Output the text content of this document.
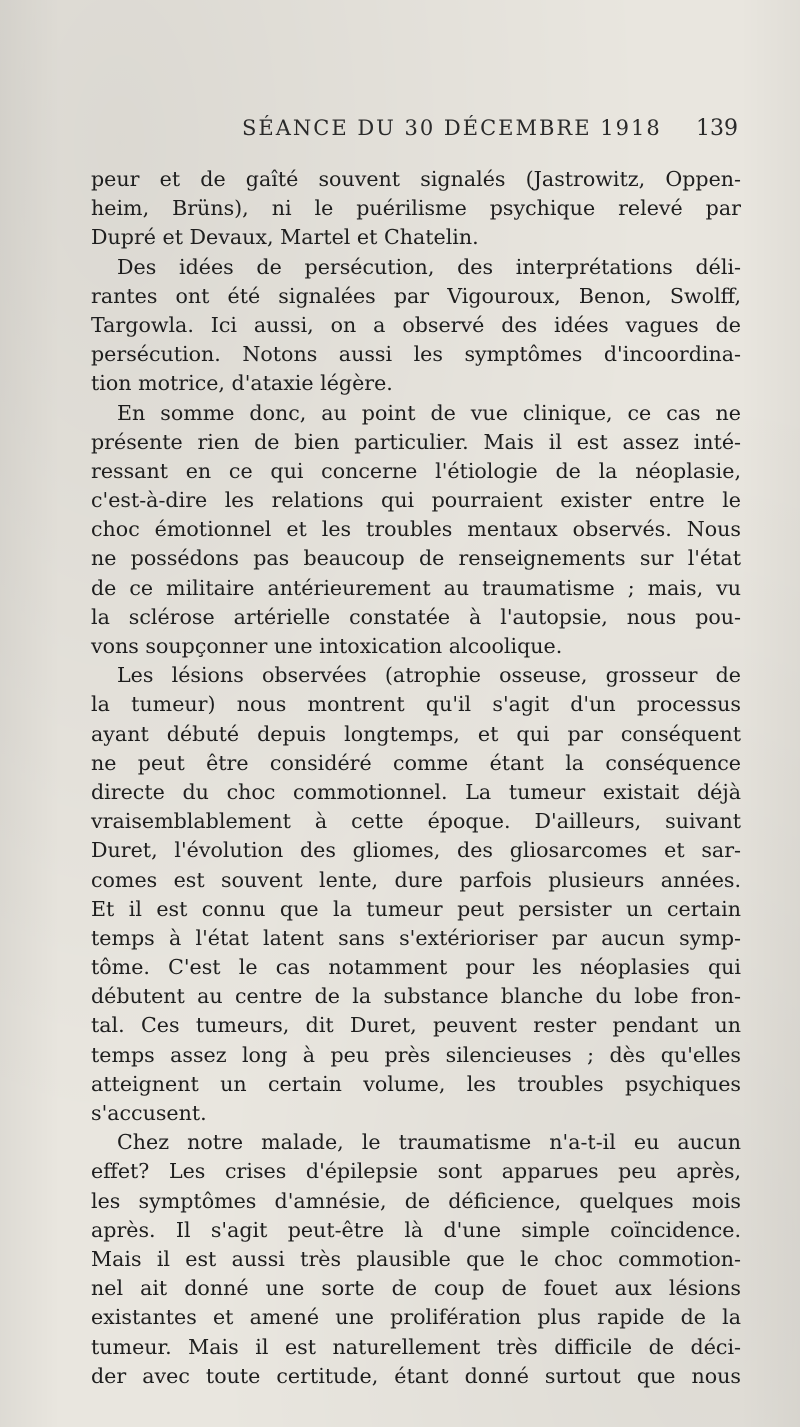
SÉANCE DU 30 DÉCEMBRE 1918 139
peur et de gaîté souvent signalés (Jastrowitz, Oppen-
heim, Brüns), ni le puérilisme psychique relevé par
Dupré et Devaux, Martel et Chatelin.
Des idées de persécution, des interprétations déli-
rantes ont été signalées par Vigouroux, Benon, Swolff,
Targowla. Ici aussi, on a observé des idées vagues de
persécution. Notons aussi les symptômes d'incoordina-
tion motrice, d'ataxie légère.
En somme donc, au point de vue clinique, ce cas ne
présente rien de bien particulier. Mais il est assez inté-
ressant en ce qui concerne l'étiologie de la néoplasie,
c'est-à-dire les relations qui pourraient exister entre le
choc émotionnel et les troubles mentaux observés. Nous
ne possédons pas beaucoup de renseignements sur l'état
de ce militaire antérieurement au traumatisme ; mais, vu
la sclérose artérielle constatée à l'autopsie, nous pou-
vons soupçonner une intoxication alcoolique.
Les lésions observées (atrophie osseuse, grosseur de
la tumeur) nous montrent qu'il s'agit d'un processus
ayant débuté depuis longtemps, et qui par conséquent
ne peut être considéré comme étant la conséquence
directe du choc commotionnel. La tumeur existait déjà
vraisemblablement à cette époque. D'ailleurs, suivant
Duret, l'évolution des gliomes, des gliosarcomes et sar-
comes est souvent lente, dure parfois plusieurs années.
Et il est connu que la tumeur peut persister un certain
temps à l'état latent sans s'extérioriser par aucun symp-
tôme. C'est le cas notamment pour les néoplasies qui
débutent au centre de la substance blanche du lobe fron-
tal. Ces tumeurs, dit Duret, peuvent rester pendant un
temps assez long à peu près silencieuses ; dès qu'elles
atteignent un certain volume, les troubles psychiques
s'accusent.
Chez notre malade, le traumatisme n'a-t-il eu aucun
effet? Les crises d'épilepsie sont apparues peu après,
les symptômes d'amnésie, de déficience, quelques mois
après. Il s'agit peut-être là d'une simple coïncidence.
Mais il est aussi très plausible que le choc commotion-
nel ait donné une sorte de coup de fouet aux lésions
existantes et amené une prolifération plus rapide de la
tumeur. Mais il est naturellement très difficile de déci-
der avec toute certitude, étant donné surtout que nous
